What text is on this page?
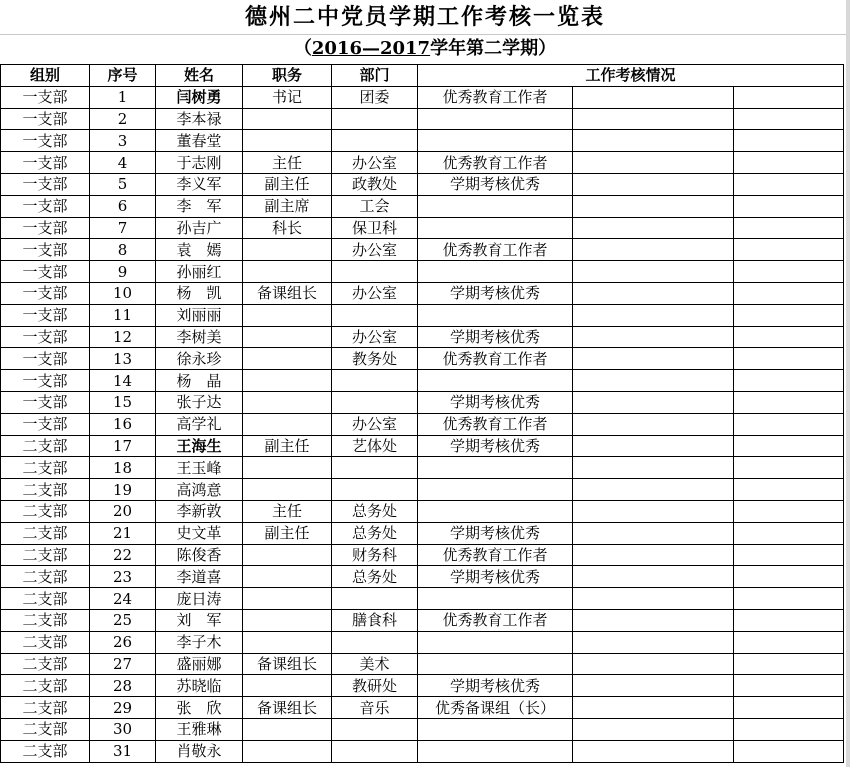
德州二中党员学期工作考核一览表
（2016—2017学年第二学期）
组别	序号	姓名	职务	部门	工作考核情况		
一支部	1	闫树勇	书记	团委	优秀教育工作者		
一支部	2	李本禄					
一支部	3	董春堂					
一支部	4	于志刚	主任	办公室	优秀教育工作者		
一支部	5	李义军	副主任	政教处	学期考核优秀		
一支部	6	李　军	副主席	工会			
一支部	7	孙吉广	科长	保卫科			
一支部	8	袁　嫣		办公室	优秀教育工作者		
一支部	9	孙丽红					
一支部	10	杨　凯	备课组长	办公室	学期考核优秀		
一支部	11	刘丽丽					
一支部	12	李树美		办公室	学期考核优秀		
一支部	13	徐永珍		教务处	优秀教育工作者		
一支部	14	杨　晶					
一支部	15	张子达			学期考核优秀		
一支部	16	高学礼		办公室	优秀教育工作者		
二支部	17	王海生	副主任	艺体处	学期考核优秀		
二支部	18	王玉峰					
二支部	19	高鸿意					
二支部	20	李新敦	主任	总务处			
二支部	21	史文革	副主任	总务处	学期考核优秀		
二支部	22	陈俊香		财务科	优秀教育工作者		
二支部	23	李道喜		总务处	学期考核优秀		
二支部	24	庞日涛					
二支部	25	刘　军		膳食科	优秀教育工作者		
二支部	26	李子木					
二支部	27	盛丽娜	备课组长	美术			
二支部	28	苏晓临		教研处	学期考核优秀		
二支部	29	张　欣	备课组长	音乐	优秀备课组（长）		
二支部	30	王雅琳					
二支部	31	肖敬永					
